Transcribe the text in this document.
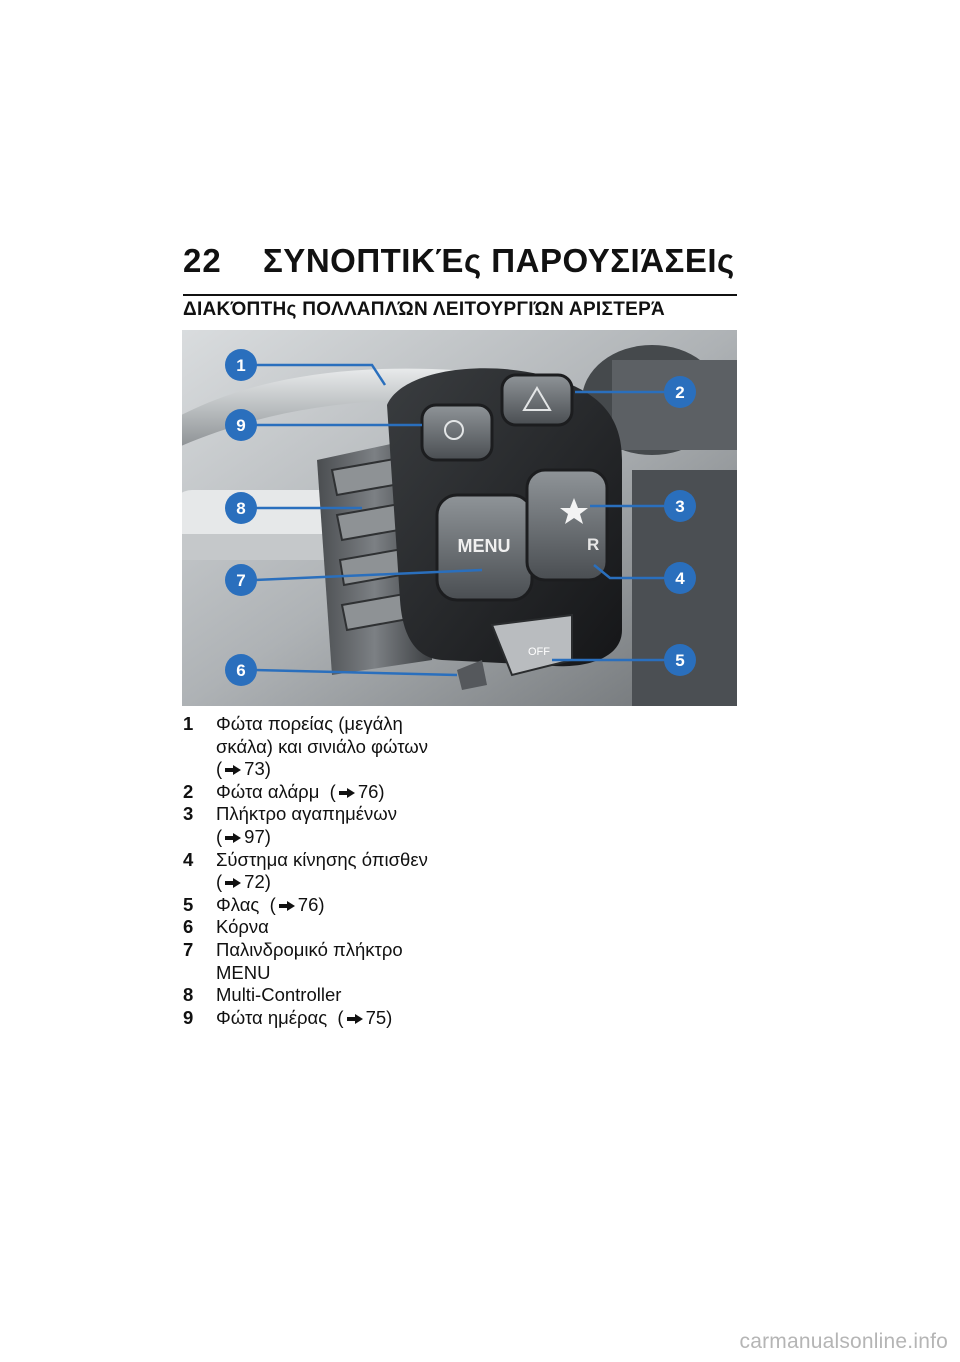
22 ΣΥΝΟΠΤΙΚΈς ΠΑΡΟΥΣΙΆΣΕΙς
ΔΙΑΚΌΠΤΗς ΠΟΛΛΑΠΛΏΝ ΛΕΙΤΟΥΡΓΙΏΝ ΑΡΙΣΤΕΡΆ
MENU	R
OFF
1
2
3
4
5
6
7
8
9
1	Φώτα πορείας (μεγάλη
σκάλα) και σινιάλο φώτων
( 73)
2	Φώτα αλάρμ  ( 76)
3	Πλήκτρο αγαπημένων
( 97)
4	Σύστημα κίνησης όπισθεν
( 72)
5	Φλας  ( 76)
6	Κόρνα
7	Παλινδρομικό πλήκτρο
MENU
8	Multi-Controller
9	Φώτα ημέρας  ( 75)
carmanualsonline.info
